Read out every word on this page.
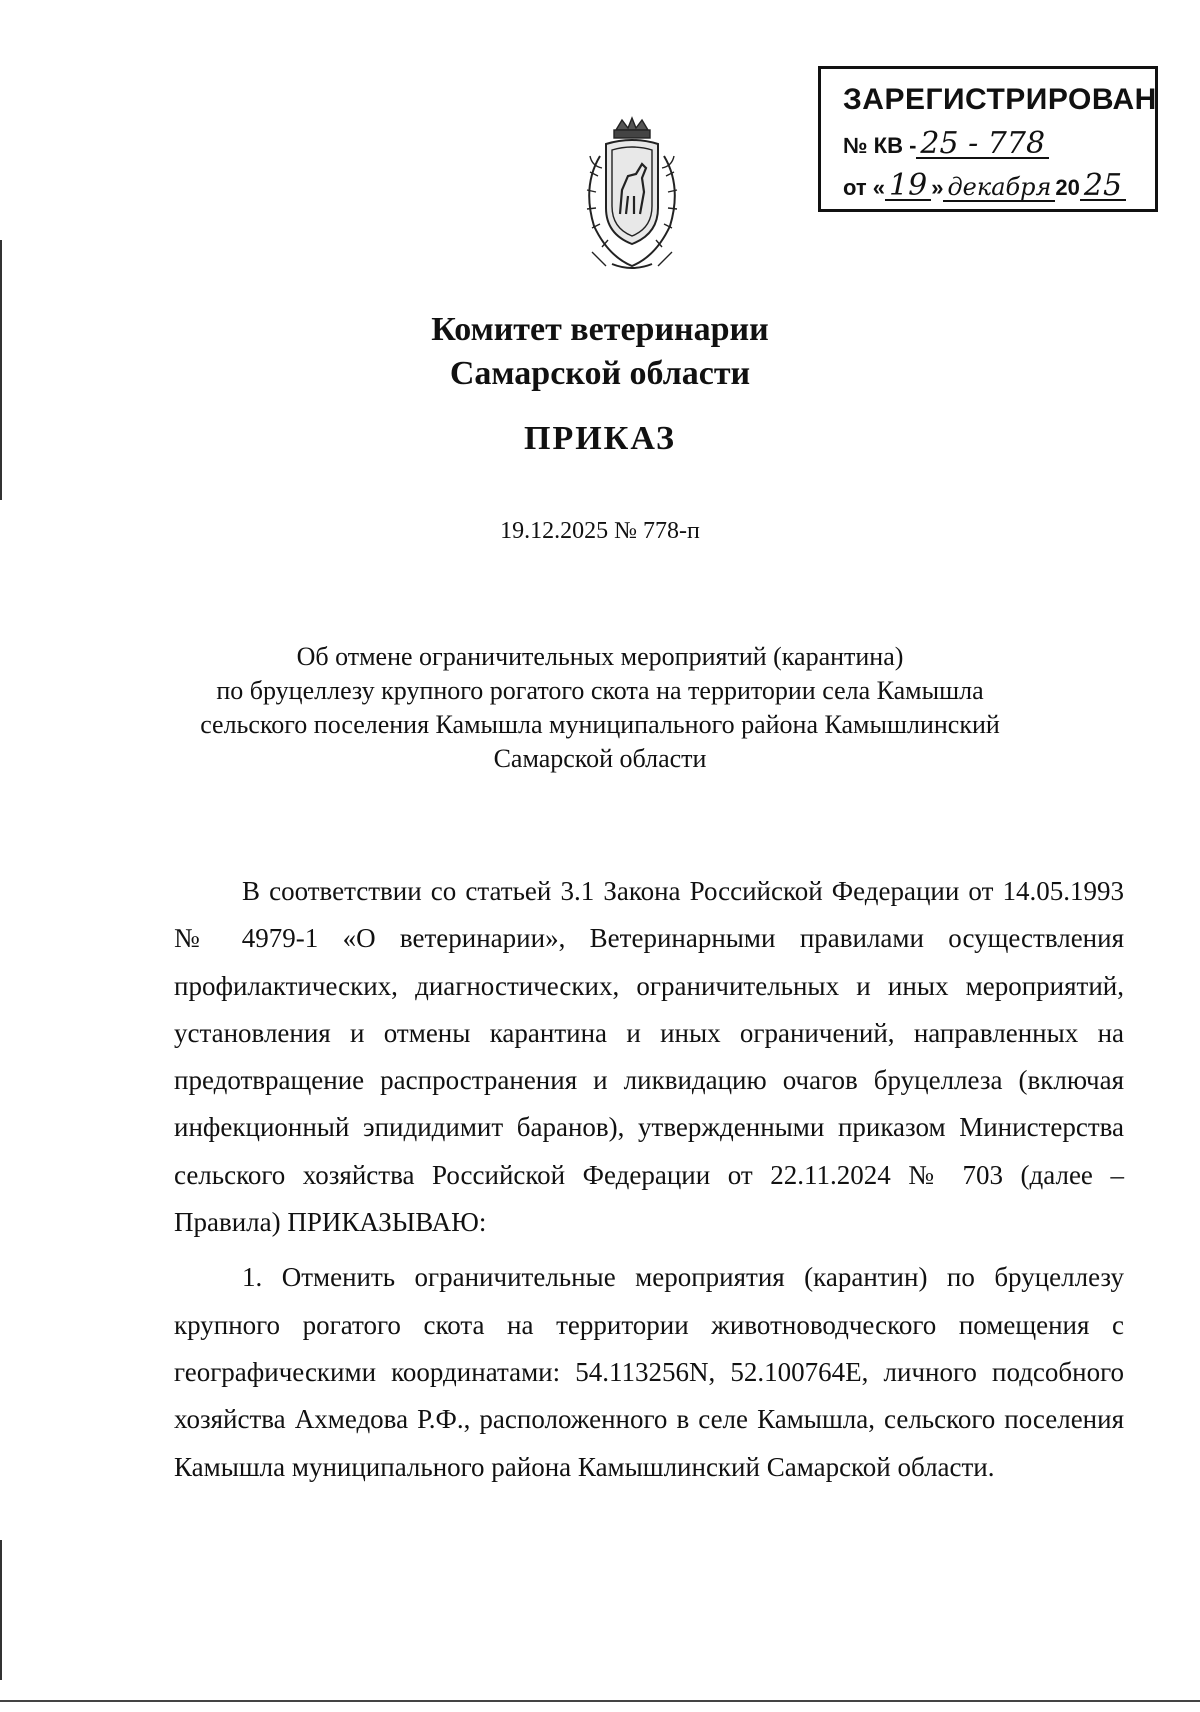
ЗАРЕГИСТРИРОВАН
№ КВ - 25 - 778
от « 19 » декабря 20 25
Комитет ветеринарии
Самарской области
ПРИКАЗ
19.12.2025 № 778-п
Об отмене ограничительных мероприятий (карантина)
по бруцеллезу крупного рогатого скота на территории села Камышла
сельского поселения Камышла муниципального района Камышлинский
Самарской области

В соответствии со статьей 3.1 Закона Российской Федерации от 14.05.1993 № 4979-1 «О ветеринарии», Ветеринарными правилами осуществления профилактических, диагностических, ограничительных и иных мероприятий, установления и отмены карантина и иных ограничений, направленных на предотвращение распространения и ликвидацию очагов бруцеллеза (включая инфекционный эпидидимит баранов), утвержденными приказом Министерства сельского хозяйства Российской Федерации от 22.11.2024 № 703 (далее – Правила) ПРИКАЗЫВАЮ:

1. Отменить ограничительные мероприятия (карантин) по бруцеллезу крупного рогатого скота на территории животноводческого помещения с географическими координатами: 54.113256N, 52.100764E, личного подсобного хозяйства Ахмедова Р.Ф., расположенного в селе Камышла, сельского поселения Камышла муниципального района Камышлинский Самарской области.
